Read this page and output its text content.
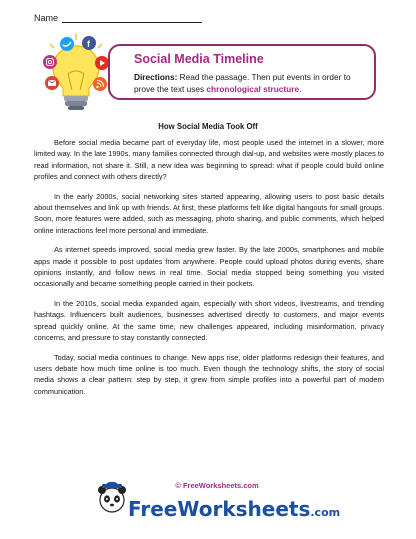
Name
f
Social Media Timeline
Directions: Read the passage. Then put events in order to prove the text uses chronological structure.
How Social Media Took Off

Before social media became part of everyday life, most people used the internet in a slower, more limited way. In the late 1990s, many families connected through dial-up, and websites were mostly places to read information, not share it. Still, a new idea was beginning to spread: what if people could build online profiles and connect with others directly?

In the early 2000s, social networking sites started appearing, allowing users to post basic details about themselves and link up with friends. At first, these platforms felt like digital hangouts for small groups. Soon, more features were added, such as messaging, photo sharing, and public comments, which helped online interactions feel more personal and immediate.

As internet speeds improved, social media grew faster. By the late 2000s, smartphones and mobile apps made it possible to post updates from anywhere. People could upload photos during events, share opinions instantly, and follow news in real time. Social media stopped being something you visited occasionally and became something people carried in their pockets.

In the 2010s, social media expanded again, especially with short videos, livestreams, and trending hashtags. Influencers built audiences, businesses advertised directly to customers, and major events spread quickly online. At the same time, new challenges appeared, including misinformation, privacy concerns, and pressure to stay constantly connected.

Today, social media continues to change. New apps rise, older platforms redesign their features, and users debate how much time online is too much. Even though the technology shifts, the story of social media shows a clear pattern: step by step, it grew from simple profiles into a powerful part of modern communication.

© FreeWorksheets.com
FreeWorksheets.com
